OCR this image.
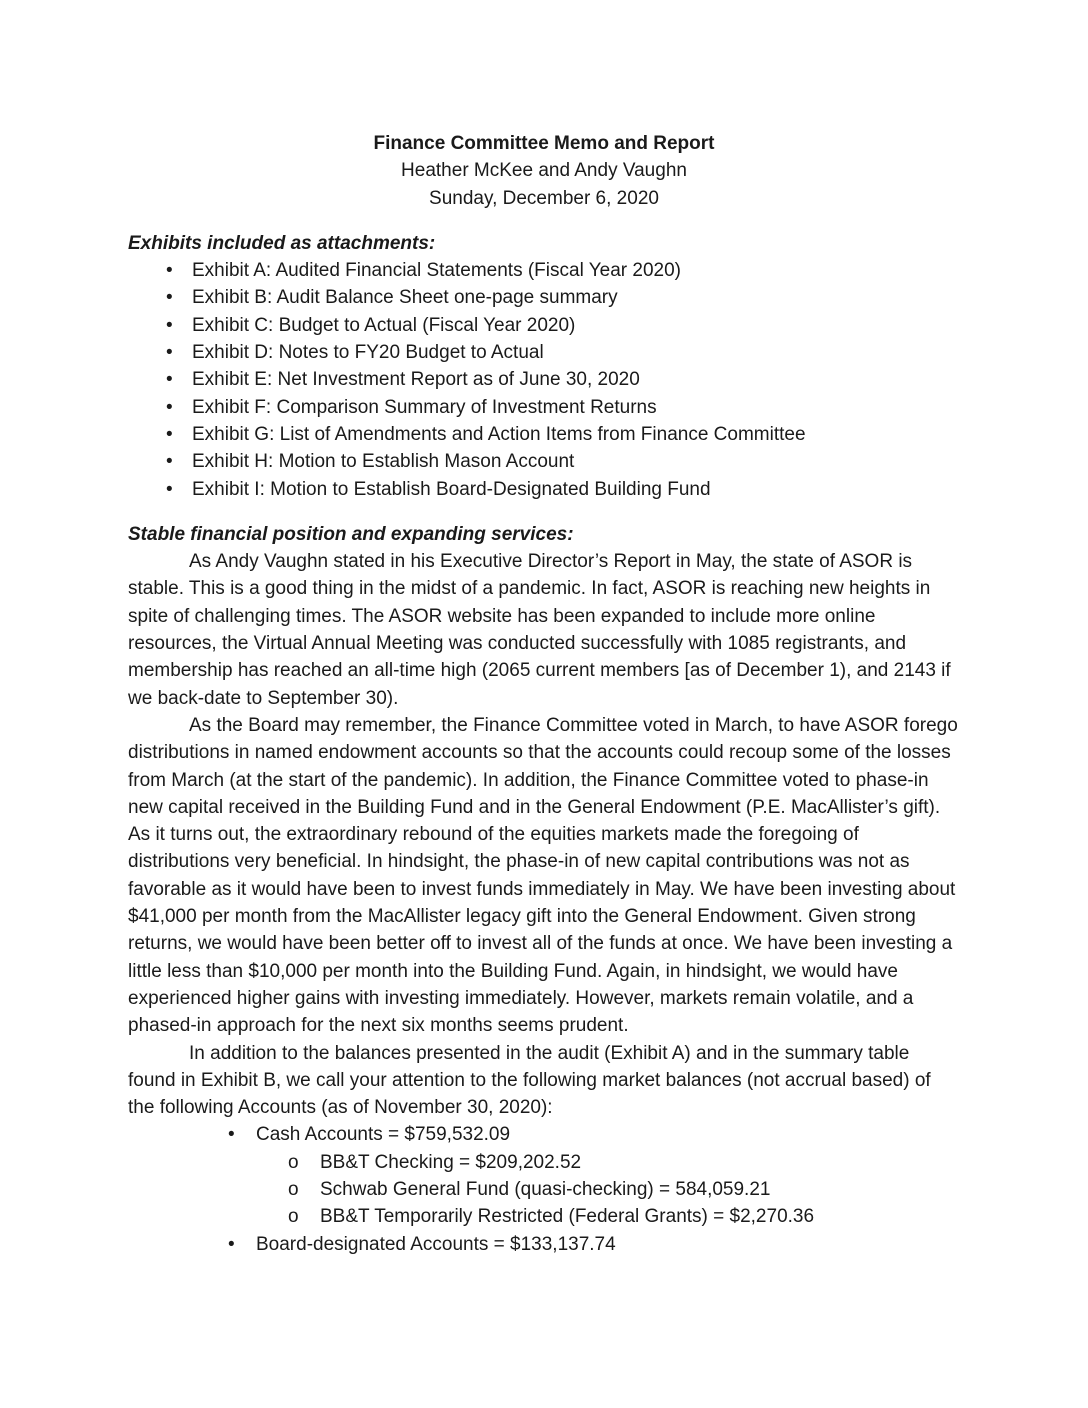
Finance Committee Memo and Report
Heather McKee and Andy Vaughn
Sunday, December 6, 2020
Exhibits included as attachments:
• Exhibit A: Audited Financial Statements (Fiscal Year 2020)
• Exhibit B: Audit Balance Sheet one-page summary
• Exhibit C: Budget to Actual (Fiscal Year 2020)
• Exhibit D: Notes to FY20 Budget to Actual
• Exhibit E: Net Investment Report as of June 30, 2020
• Exhibit F: Comparison Summary of Investment Returns
• Exhibit G: List of Amendments and Action Items from Finance Committee
• Exhibit H: Motion to Establish Mason Account
• Exhibit I: Motion to Establish Board-Designated Building Fund
Stable financial position and expanding services:

As Andy Vaughn stated in his Executive Director’s Report in May, the state of ASOR is stable. This is a good thing in the midst of a pandemic. In fact, ASOR is reaching new heights in spite of challenging times. The ASOR website has been expanded to include more online resources, the Virtual Annual Meeting was conducted successfully with 1085 registrants, and membership has reached an all-time high (2065 current members [as of December 1), and 2143 if we back-date to September 30).

As the Board may remember, the Finance Committee voted in March, to have ASOR forego distributions in named endowment accounts so that the accounts could recoup some of the losses from March (at the start of the pandemic). In addition, the Finance Committee voted to phase-in new capital received in the Building Fund and in the General Endowment (P.E. MacAllister’s gift). As it turns out, the extraordinary rebound of the equities markets made the foregoing of distributions very beneficial. In hindsight, the phase-in of new capital contributions was not as favorable as it would have been to invest funds immediately in May. We have been investing about $41,000 per month from the MacAllister legacy gift into the General Endowment. Given strong returns, we would have been better off to invest all of the funds at once. We have been investing a little less than $10,000 per month into the Building Fund. Again, in hindsight, we would have experienced higher gains with investing immediately. However, markets remain volatile, and a phased-in approach for the next six months seems prudent.

In addition to the balances presented in the audit (Exhibit A) and in the summary table found in Exhibit B, we call your attention to the following market balances (not accrual based) of the following Accounts (as of November 30, 2020):

• Cash Accounts = $759,532.09
o BB&T Checking = $209,202.52
o Schwab General Fund (quasi-checking) = 584,059.21
o BB&T Temporarily Restricted (Federal Grants) = $2,270.36
• Board-designated Accounts = $133,137.74
